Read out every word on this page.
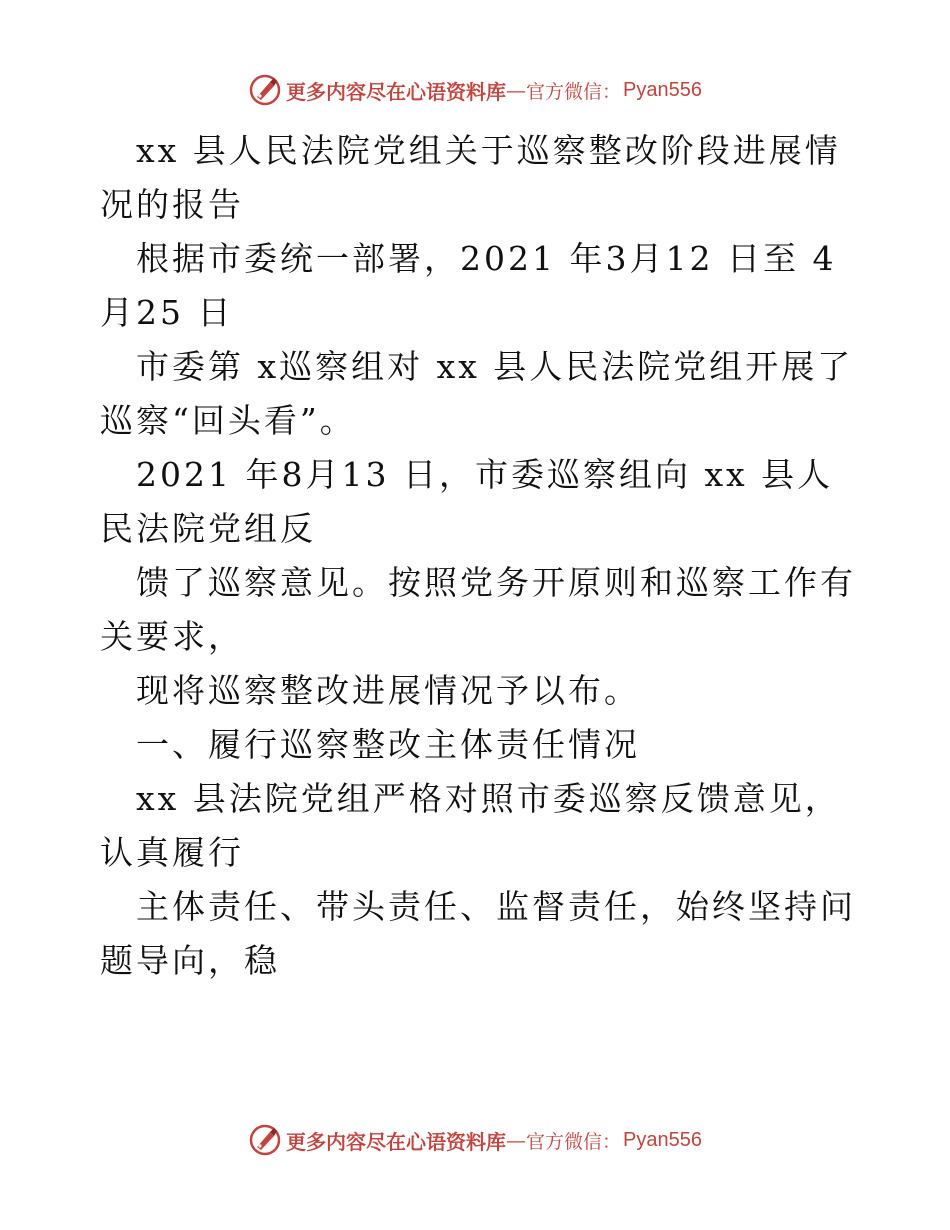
更多内容尽在心语资料库 — 官方微信： Pyan556

xx 县人民法院党组关于巡察整改阶段进展情况的报告

根据市委统一部署，2021 年3月12 日至 4月25 日

市委第 x巡察组对 xx 县人民法院党组开展了巡察“回头看”。

2021 年8月13 日，市委巡察组向 xx 县人民法院党组反

馈了巡察意见。按照党务开原则和巡察工作有关要求，

现将巡察整改进展情况予以布。

一、履行巡察整改主体责任情况

xx 县法院党组严格对照市委巡察反馈意见，认真履行

主体责任、带头责任、监督责任，始终坚持问题导向，稳

更多内容尽在心语资料库 — 官方微信： Pyan556
